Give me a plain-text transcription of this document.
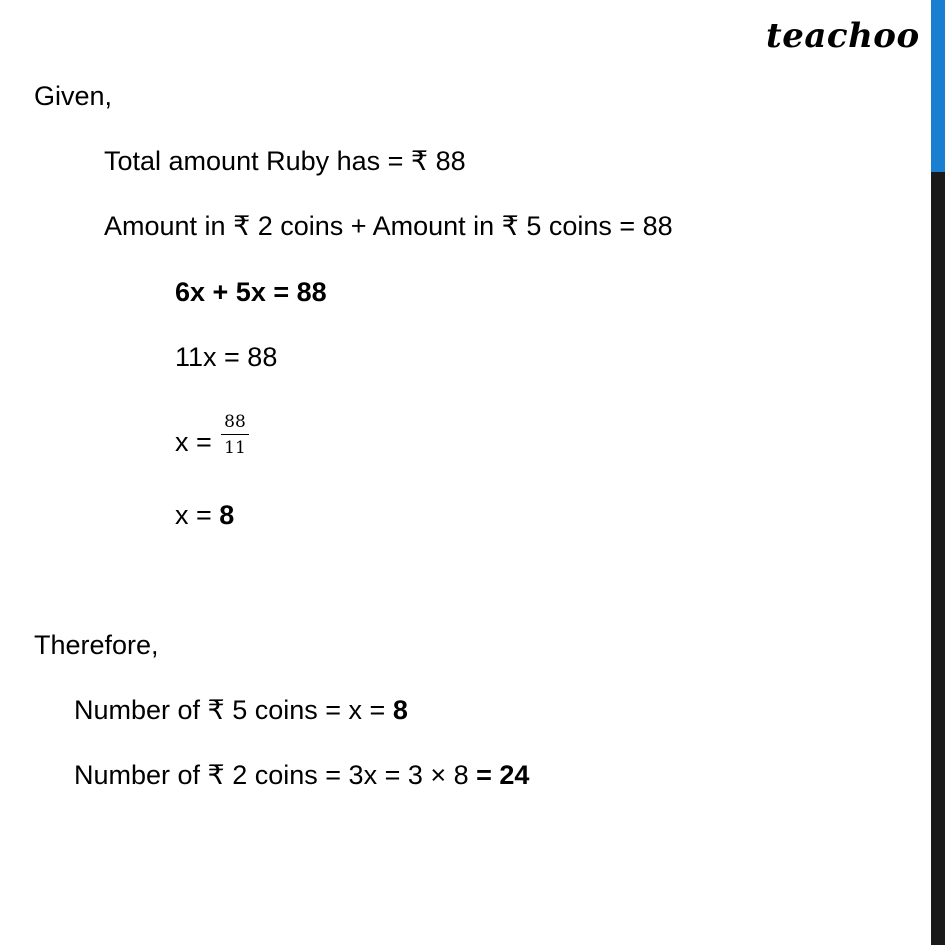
teachoo
Given,
Total amount Ruby has = ₹ 88
Amount in ₹ 2 coins + Amount in ₹ 5 coins = 88
6x + 5x = 88
11x = 88
x =
88
11
x = 8
Therefore,
Number of ₹ 5 coins = x = 8
Number of ₹ 2 coins = 3x = 3 × 8 = 24
